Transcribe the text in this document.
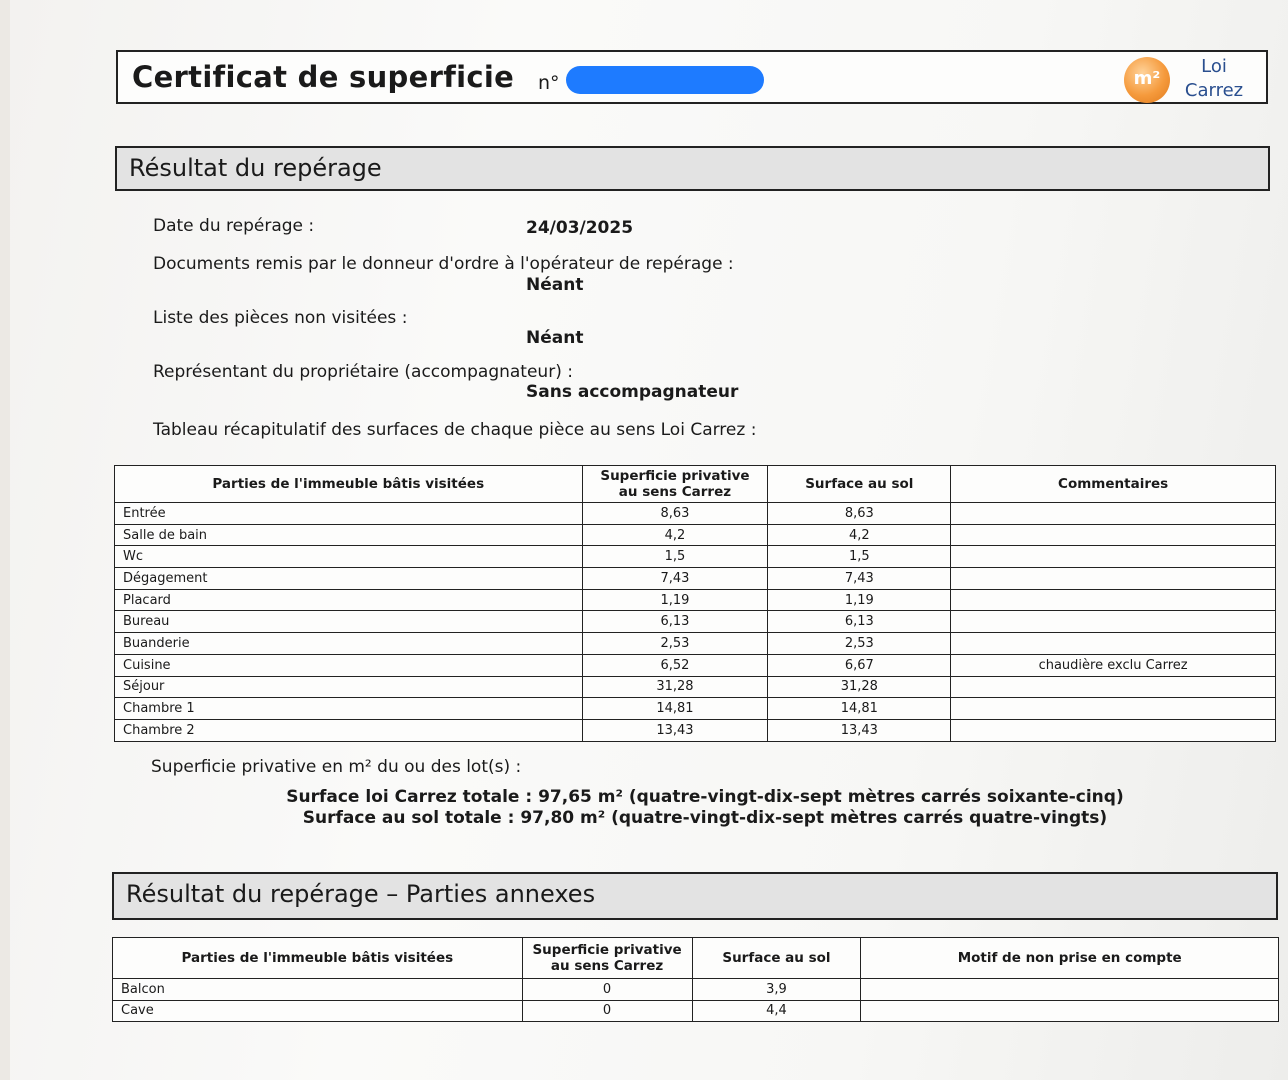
Certificat de superficie n°	m²
Loi
Carrez
Résultat du repérage
Date du repérage :	24/03/2025
Documents remis par le donneur d'ordre à l'opérateur de repérage :
Néant
Liste des pièces non visitées :
Néant
Représentant du propriétaire (accompagnateur) :
Sans accompagnateur
Tableau récapitulatif des surfaces de chaque pièce au sens Loi Carrez :
Parties de l'immeuble bâtis visitées	Superficie privative au sens Carrez	Surface au sol	Commentaires
Entrée	8,63	8,63	
Salle de bain	4,2	4,2	
Wc	1,5	1,5	
Dégagement	7,43	7,43	
Placard	1,19	1,19	
Bureau	6,13	6,13	
Buanderie	2,53	2,53	
Cuisine	6,52	6,67	chaudière exclu Carrez
Séjour	31,28	31,28	
Chambre 1	14,81	14,81	
Chambre 2	13,43	13,43	
Superficie privative en m² du ou des lot(s) :
Surface loi Carrez totale : 97,65 m² (quatre-vingt-dix-sept mètres carrés soixante-cinq)
Surface au sol totale : 97,80 m² (quatre-vingt-dix-sept mètres carrés quatre-vingts)
Résultat du repérage – Parties annexes
Parties de l'immeuble bâtis visitées	Superficie privative au sens Carrez	Surface au sol	Motif de non prise en compte
Balcon	0	3,9	
Cave	0	4,4	
